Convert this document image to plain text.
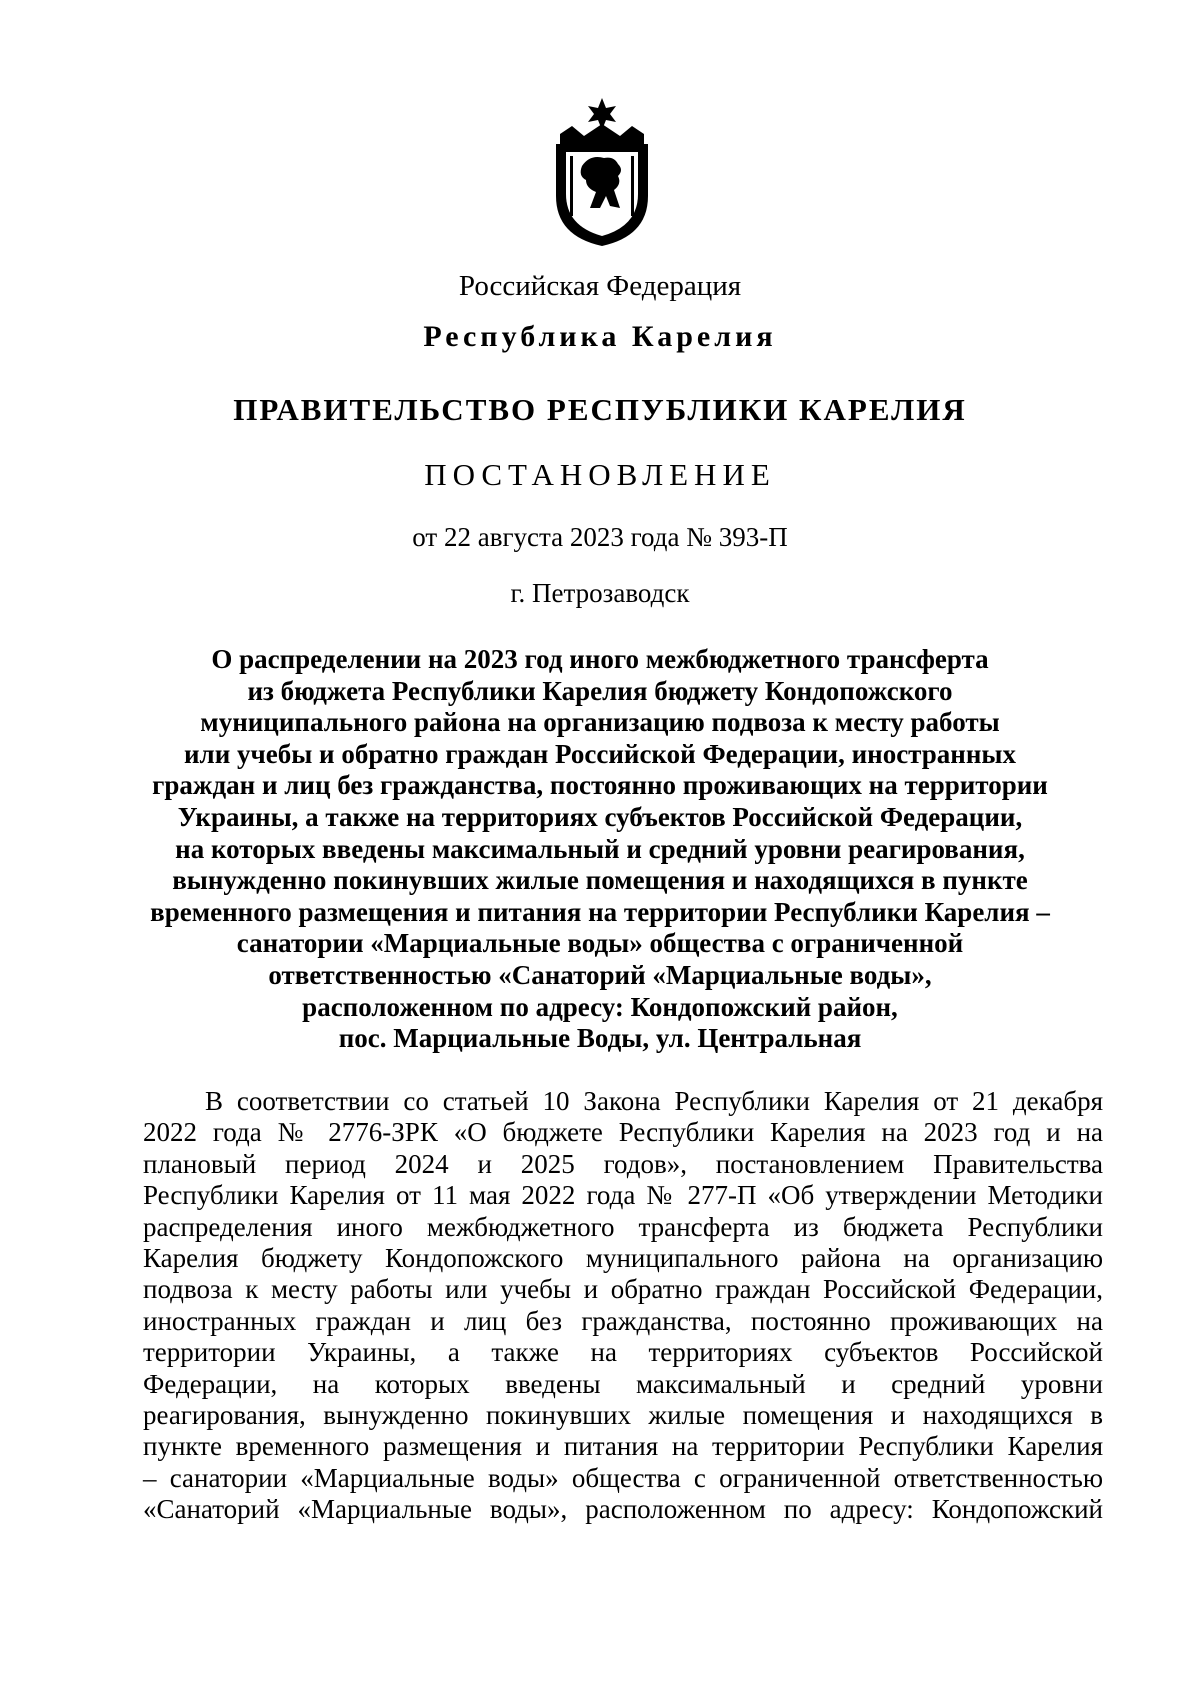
Российская Федерация
Республика Карелия
ПРАВИТЕЛЬСТВО РЕСПУБЛИКИ КАРЕЛИЯ
ПОСТАНОВЛЕНИЕ
от 22 августа 2023 года № 393-П
г. Петрозаводск
О распределении на 2023 год иного межбюджетного трансферта
из бюджета Республики Карелия бюджету Кондопожского
муниципального района на организацию подвоза к месту работы
или учебы и обратно граждан Российской Федерации, иностранных
граждан и лиц без гражданства, постоянно проживающих на территории
Украины, а также на территориях субъектов Российской Федерации,
на которых введены максимальный и средний уровни реагирования,
вынужденно покинувших жилые помещения и находящихся в пункте
временного размещения и питания на территории Республики Карелия –
санатории «Марциальные воды» общества с ограниченной
ответственностью «Санаторий «Марциальные воды»,
расположенном по адресу: Кондопожский район,
пос. Марциальные Воды, ул. Центральная
В соответствии со статьей 10 Закона Республики Карелия от 21 декабря
2022 года № 2776-ЗРК «О бюджете Республики Карелия на 2023 год и на
плановый период 2024 и 2025 годов», постановлением Правительства
Республики Карелия от 11 мая 2022 года № 277-П «Об утверждении Методики
распределения иного межбюджетного трансферта из бюджета Республики
Карелия бюджету Кондопожского муниципального района на организацию
подвоза к месту работы или учебы и обратно граждан Российской Федерации,
иностранных граждан и лиц без гражданства, постоянно проживающих на
территории Украины, а также на территориях субъектов Российской
Федерации, на которых введены максимальный и средний уровни
реагирования, вынужденно покинувших жилые помещения и находящихся в
пункте временного размещения и питания на территории Республики Карелия
– санатории «Марциальные воды» общества с ограниченной ответственностью
«Санаторий «Марциальные воды», расположенном по адресу: Кондопожский
